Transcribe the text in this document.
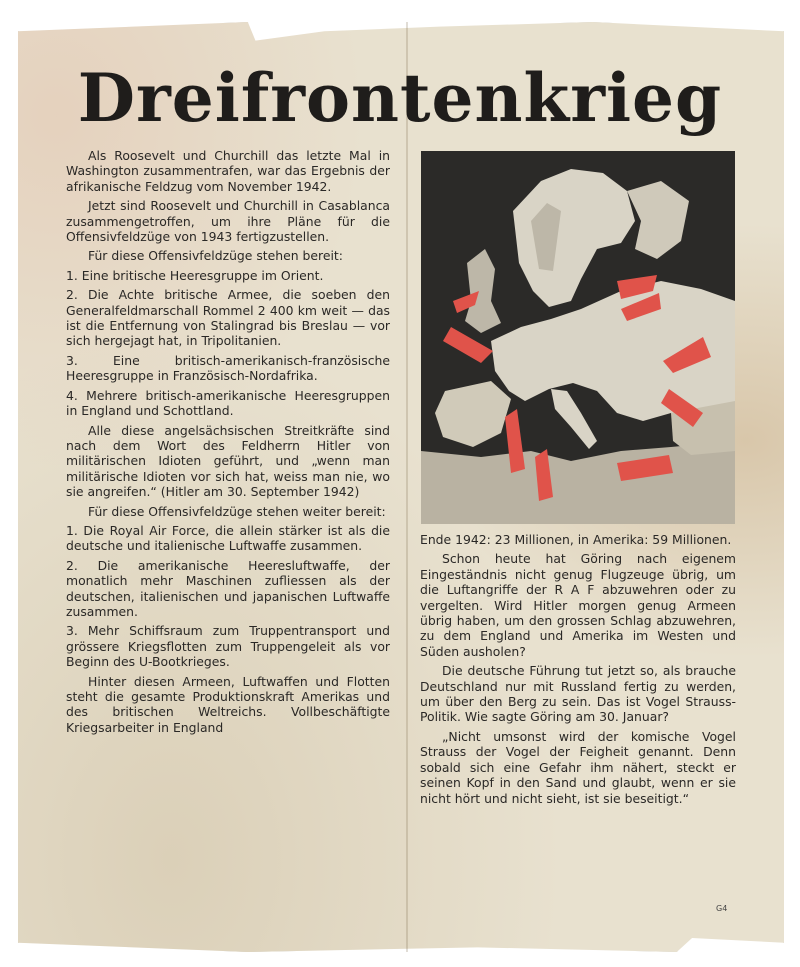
Dreifrontenkrieg

Als Roosevelt und Churchill das letzte Mal in Washington zusammentrafen, war das Ergebnis der afrikanische Feldzug vom November 1942.

Jetzt sind Roosevelt und Churchill in Casablanca zusammengetroffen, um ihre Pläne für die Offensivfeldzüge von 1943 fertigzustellen.

Für diese Offensivfeldzüge stehen bereit:

1. Eine britische Heeresgruppe im Orient.

2. Die Achte britische Armee, die soeben den Generalfeldmarschall Rommel 2 400 km weit — das ist die Entfernung von Stalingrad bis Breslau — vor sich hergejagt hat, in Tripolitanien.

3. Eine britisch-amerikanisch-französische Heeresgruppe in Französisch-Nordafrika.

4. Mehrere britisch-amerikanische Heeresgruppen in England und Schottland.

Alle diese angelsächsischen Streitkräfte sind nach dem Wort des Feldherrn Hitler von militärischen Idioten geführt, und „wenn man militärische Idioten vor sich hat, weiss man nie, wo sie angreifen.“ (Hitler am 30. September 1942)

Für diese Offensivfeldzüge stehen weiter bereit:

1. Die Royal Air Force, die allein stärker ist als die deutsche und italienische Luftwaffe zusammen.

2. Die amerikanische Heeresluftwaffe, der monatlich mehr Maschinen zufliessen als der deutschen, italienischen und japanischen Luftwaffe zusammen.

3. Mehr Schiffsraum zum Truppentransport und grössere Kriegsflotten zum Truppengeleit als vor Beginn des U-Bootkrieges.

Hinter diesen Armeen, Luftwaffen und Flotten steht die gesamte Produktionskraft Amerikas und des britischen Weltreichs. Vollbeschäftigte Kriegsarbeiter in England

Ende 1942: 23 Millionen, in Amerika: 59 Millionen.

Schon heute hat Göring nach eigenem Eingeständnis nicht genug Flugzeuge übrig, um die Luftangriffe der R A F abzuwehren oder zu vergelten. Wird Hitler morgen genug Armeen übrig haben, um den grossen Schlag abzuwehren, zu dem England und Amerika im Westen und Süden ausholen?

Die deutsche Führung tut jetzt so, als brauche Deutschland nur mit Russland fertig zu werden, um über den Berg zu sein. Das ist Vogel Strauss-Politik. Wie sagte Göring am 30. Januar?

„Nicht umsonst wird der komische Vogel Strauss der Vogel der Feigheit genannt. Denn sobald sich eine Gefahr ihm nähert, steckt er seinen Kopf in den Sand und glaubt, wenn er sie nicht hört und nicht sieht, ist sie beseitigt.“

G4
